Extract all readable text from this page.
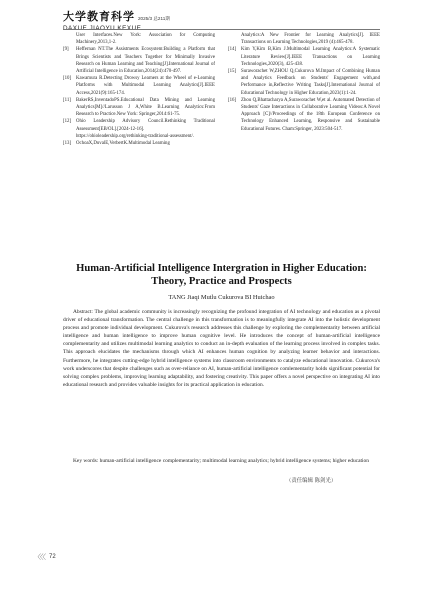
大学教育科学 2025/3 总211期
DAXUE JIAOYU KEXUE
User Interfaces.New York: Association for Computing Machinery,2013,1-2.
[9]	Heffernan NT.The Assistments Ecosystem:Building a Platform that Brings Scientists and Teachers Together for Minimally Invasive Research on Human Learning and Teaching[J].International Journal of Artificial Intelligence in Education,2014(24):470-497.
[10]	Kawamura R.Detecting Drowsy Learners at the Wheel of e-Learning Platforms with Multimodal Learning Analytics[J].IEEE Access,2021(9):165-174.
[11]	BakerRS,InventadoPS.Educational Data Mining and Learning Analytics[M]//Larusson J A,White B.Learning Analytics:From Research to Practice.New York: Springer,2014:61-75.
[12]	Ohio Leadership Advisory Council.Rethinking Traditional Assessment[EB/OL].[2024-12-16]. https://ohioleadership.org/rethinking-traditional-assessment/.
[13]	OchoaX,DuvalE,VerbertK.Multimodal Learning
Analytics:A New Frontier for Learning Analytics[J]. IEEE Transactions on Learning Technologies,2019 (4):465-478.
[14]	Kim Y,Kim B,Kim J.Multimodal Learning Analytics:A Systematic Literature Review[J].IEEE Transactions on Learning Technologies,2020(3), 425-438.
[15]	Suraworachet W,ZHOU Q,Cukurova M.Impact of Combining Human and Analytics Feedback on Students' Engagement with,and Performance in,Reflective Writing Tasks[J].International Journal of Educational Technology in Higher Education,2023(1):1-24.
[16]	Zhou Q,Bhattacharya A,Suraworachet W,et al. Automated Detection of Students' Gaze Interactions in Collaborative Learning Videos:A Novel Approach [C]//Proceedings of the 18th European Conference on Technology Enhanced Learning, Responsive and Sustainable Educational Futures. Cham:Springer, 2023:504-517.
Human-Artificial Intelligence Intergration in Higher Education: Theory, Practice and Prospects
TANG Jiaqi Mutlu Cukurova BI Huichao
Abstract: The global academic community is increasingly recognizing the profound integration of AI technology and education as a pivotal driver of educational transformation. The central challenge in this transformation is to meaningfully integrate AI into the holistic development process and promote individual development. Cukurova's research addresses this challenge by exploring the complementarity between artificial intelligence and human intelligence to improve human cognitive level. He introduces the concept of human-artificial intelligence complementarity and utilizes multimodal learning analytics to conduct an in-depth evaluation of the learning process involved in complex tasks. This approach elucidates the mechanisms through which AI enhances human cognition by analyzing learner behavior and interactions. Furthermore, he integrates cutting-edge hybrid intelligence systems into classroom environments to catalyze educational innovation. Cukurova's work underscores that despite challenges such as over-reliance on AI, human-artificial intelligence comlementarity holds significant potential for solving complex problems, improving learning adaptability, and fostering creativity. This paper offers a novel perspective on integrating AI into educational research and provides valuable insights for its practical application in education.
Key words: human-artificial intelligence complementarity; multimodal learning analytics; hybrid intelligence systems; higher education
（责任编辑 陈剑光）
〈〈〈 72
